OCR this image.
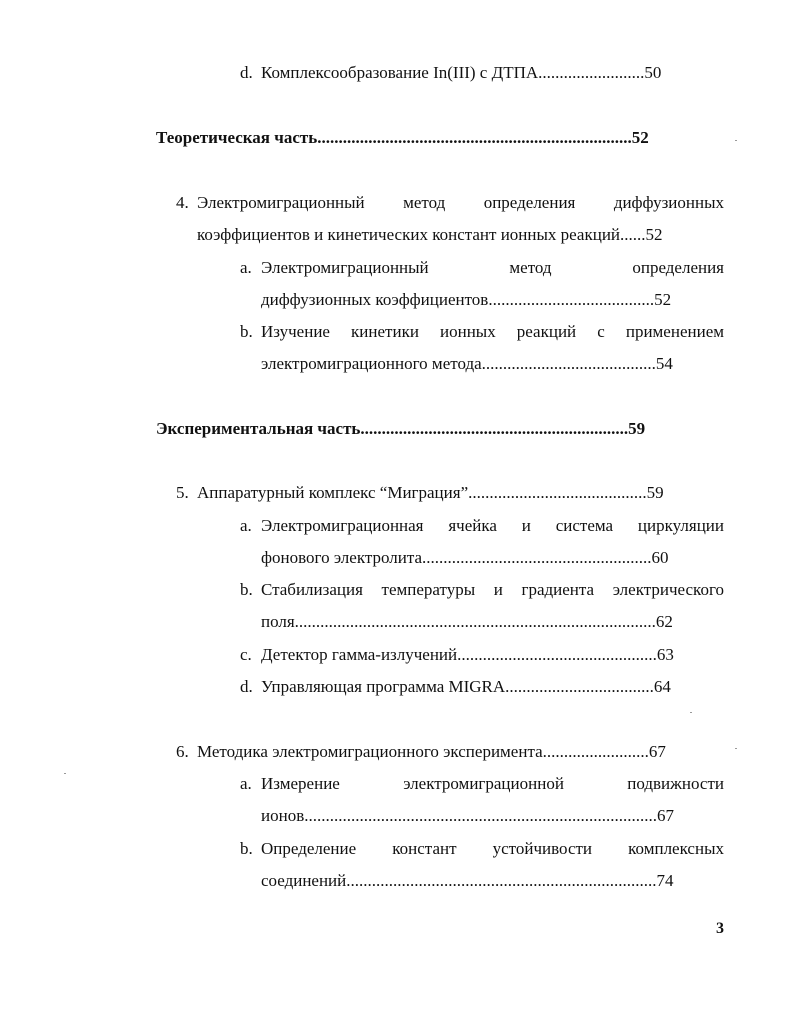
d. Комплексообразование In(III) с ДТПА.........................50
Теоретическая часть..........................................................................52
4. Электромиграционный метод определения диффузионных
коэффициентов и кинетических констант ионных реакций......52
a. Электромиграционный метод определения
диффузионных коэффициентов.......................................52
b. Изучение кинетики ионных реакций с применением
электромиграционного метода.........................................54
Экспериментальная часть...............................................................59
5. Аппаратурный комплекс “Миграция”..........................................59
a. Электромиграционная ячейка и система циркуляции
фонового электролита......................................................60
b. Стабилизация температуры и градиента электрического
поля.....................................................................................62
c. Детектор гамма-излучений...............................................63
d. Управляющая программа MIGRA...................................64
6. Методика электромиграционного эксперимента.........................67
a. Измерение электромиграционной подвижности
ионов...................................................................................67
b. Определение констант устойчивости комплексных
соединений.........................................................................74
3
